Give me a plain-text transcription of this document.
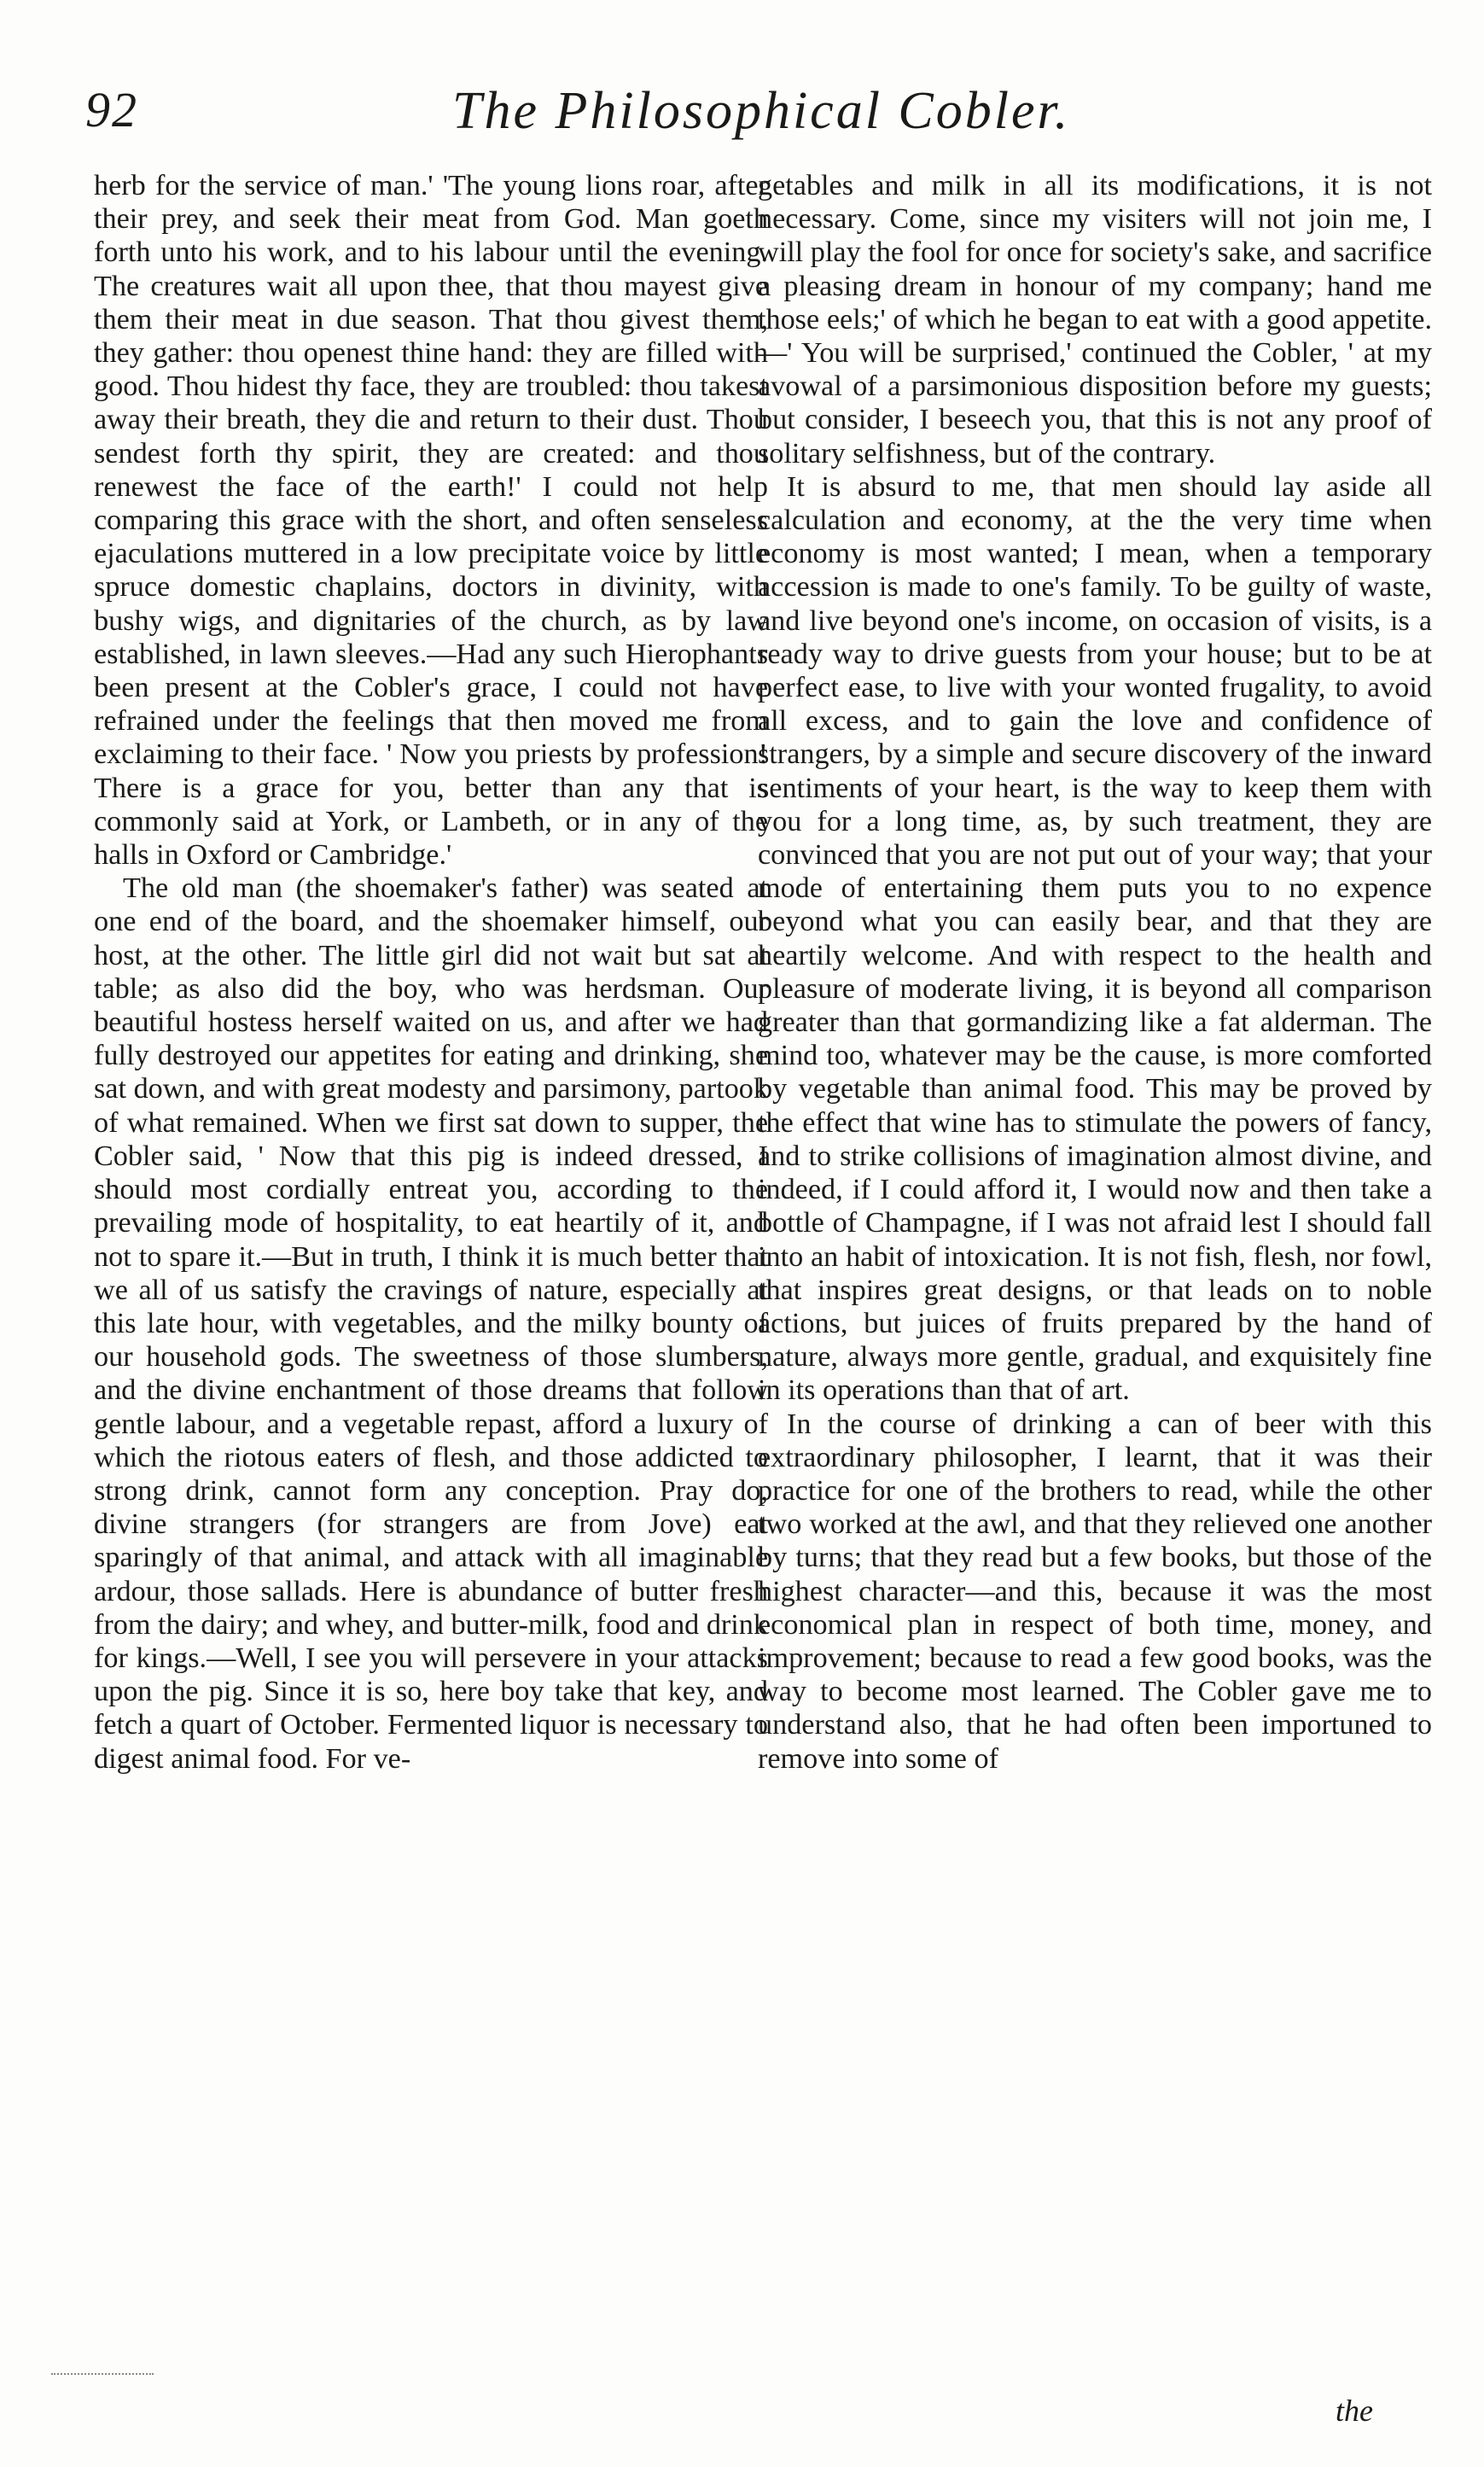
92	The Philosophical Cobler.

herb for the service of man.' 'The young lions roar, after their prey, and seek their meat from God. Man goeth forth unto his work, and to his labour until the evening. The creatures wait all upon thee, that thou mayest give them their meat in due season. That thou givest them, they gather: thou openest thine hand: they are filled with good. Thou hidest thy face, they are troubled: thou takest away their breath, they die and return to their dust. Thou sendest forth thy spirit, they are created: and thou renewest the face of the earth!' I could not help comparing this grace with the short, and often senseless ejaculations muttered in a low precipitate voice by little spruce domestic chaplains, doctors in divinity, with bushy wigs, and dignitaries of the church, as by law established, in lawn sleeves.—Had any such Hierophants been present at the Cobler's grace, I could not have refrained under the feelings that then moved me from exclaiming to their face. ' Now you priests by profession! There is a grace for you, better than any that is commonly said at York, or Lambeth, or in any of the halls in Oxford or Cambridge.'

The old man (the shoemaker's father) was seated at one end of the board, and the shoemaker himself, our host, at the other. The little girl did not wait but sat at table; as also did the boy, who was herdsman. Our beautiful hostess herself waited on us, and after we had fully destroyed our appetites for eating and drinking, she sat down, and with great modesty and parsimony, partook of what remained. When we first sat down to supper, the Cobler said, ' Now that this pig is indeed dressed, I should most cordially entreat you, according to the prevailing mode of hospitality, to eat heartily of it, and not to spare it.—But in truth, I think it is much better that we all of us satisfy the cravings of nature, especially at this late hour, with vegetables, and the milky bounty of our household gods. The sweetness of those slumbers, and the divine enchantment of those dreams that follow gentle labour, and a vegetable repast, afford a luxury of which the riotous eaters of flesh, and those addicted to strong drink, cannot form any conception. Pray do, divine strangers (for strangers are from Jove) eat sparingly of that animal, and attack with all imaginable ardour, those sallads. Here is abundance of butter fresh from the dairy; and whey, and butter-milk, food and drink for kings.—Well, I see you will persevere in your attacks upon the pig. Since it is so, here boy take that key, and fetch a quart of October. Fermented liquor is necessary to digest animal food. For ve-

getables and milk in all its modifications, it is not necessary. Come, since my visiters will not join me, I will play the fool for once for society's sake, and sacrifice a pleasing dream in honour of my company; hand me those eels;' of which he began to eat with a good appetite.—' You will be surprised,' continued the Cobler, ' at my avowal of a parsimonious disposition before my guests; but consider, I beseech you, that this is not any proof of solitary selfishness, but of the contrary.

It is absurd to me, that men should lay aside all calculation and economy, at the the very time when economy is most wanted; I mean, when a temporary accession is made to one's family. To be guilty of waste, and live beyond one's income, on occasion of visits, is a ready way to drive guests from your house; but to be at perfect ease, to live with your wonted frugality, to avoid all excess, and to gain the love and confidence of strangers, by a simple and secure discovery of the inward sentiments of your heart, is the way to keep them with you for a long time, as, by such treatment, they are convinced that you are not put out of your way; that your mode of entertaining them puts you to no expence beyond what you can easily bear, and that they are heartily welcome. And with respect to the health and pleasure of moderate living, it is beyond all comparison greater than that gormandizing like a fat alderman. The mind too, whatever may be the cause, is more comforted by vegetable than animal food. This may be proved by the effect that wine has to stimulate the powers of fancy, and to strike collisions of imagination almost divine, and indeed, if I could afford it, I would now and then take a bottle of Champagne, if I was not afraid lest I should fall into an habit of intoxication. It is not fish, flesh, nor fowl, that inspires great designs, or that leads on to noble actions, but juices of fruits prepared by the hand of nature, always more gentle, gradual, and exquisitely fine in its operations than that of art.

In the course of drinking a can of beer with this extraordinary philosopher, I learnt, that it was their practice for one of the brothers to read, while the other two worked at the awl, and that they relieved one another by turns; that they read but a few books, but those of the highest character—and this, because it was the most economical plan in respect of both time, money, and improvement; because to read a few good books, was the way to become most learned. The Cobler gave me to understand also, that he had often been importuned to remove into some of

the
